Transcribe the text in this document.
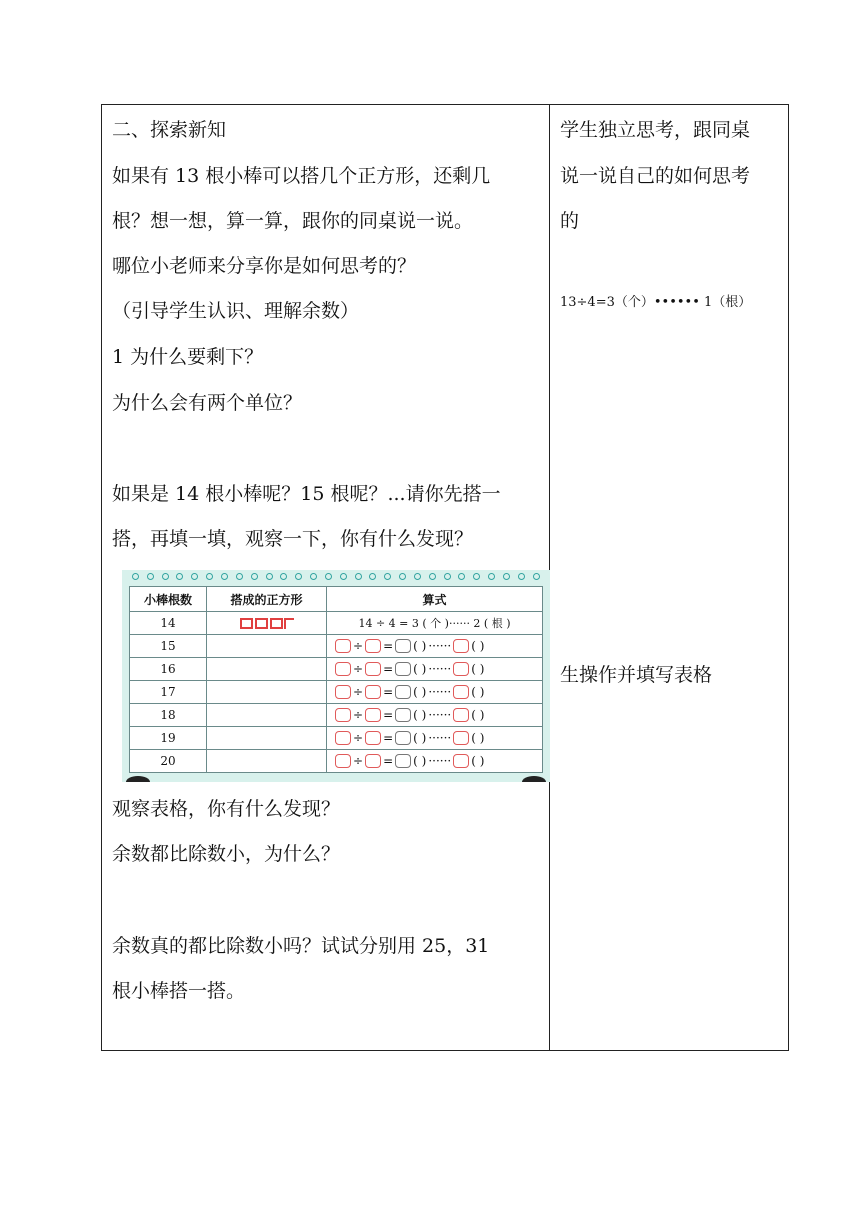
二、探索新知
如果有 13 根小棒可以搭几个正方形，还剩几
根？想一想，算一算，跟你的同桌说一说。
哪位小老师来分享你是如何思考的？
（引导学生认识、理解余数）
1 为什么要剩下？
为什么会有两个单位？
如果是 14 根小棒呢？15 根呢？...请你先搭一
搭，再填一填，观察一下，你有什么发现？
小棒根数	搭成的正方形	算式
14		14 ÷ 4 = 3 ( 个 )······ 2 ( 根 )
15		÷ = ( ) ······ ( )

16		÷ = ( ) ······ ( )

17		÷ = ( ) ······ ( )

18		÷ = ( ) ······ ( )

19		÷ = ( ) ······ ( )

20		÷ = ( ) ······ ( )
观察表格，你有什么发现？
余数都比除数小，为什么？
余数真的都比除数小吗？试试分别用 25，31
根小棒搭一搭。
学生独立思考，跟同桌
说一说自己的如何思考
的
13÷4=3（个）•••••• 1（根）
生操作并填写表格
